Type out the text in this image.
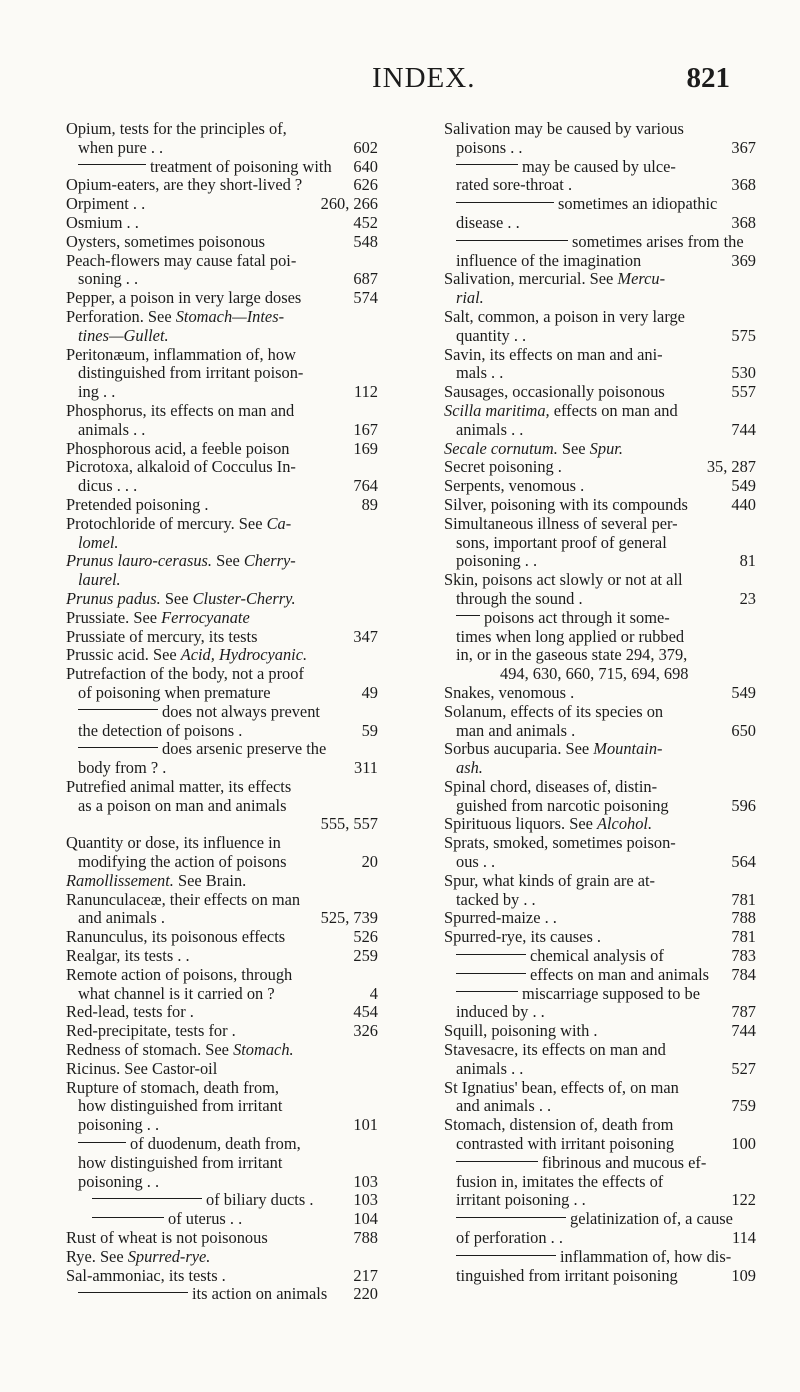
INDEX.	821
Opium, tests for the principles of,
when pure . .	602
treatment of poisoning with 640
Opium-eaters, are they short-lived ?	626
Orpiment . .	260, 266
Osmium . .	452
Oysters, sometimes poisonous	548
Peach-flowers may cause fatal poi-
soning . .	687
Pepper, a poison in very large doses	574
Perforation. See Stomach—Intes-
tines—Gullet.
Peritonæum, inflammation of, how
distinguished from irritant poison-
ing . .	112
Phosphorus, its effects on man and
animals . .	167
Phosphorous acid, a feeble poison	169
Picrotoxa, alkaloid of Cocculus In-
dicus . . .	764
Pretended poisoning .	89
Protochloride of mercury. See Ca-
lomel.
Prunus lauro-cerasus. See Cherry-
laurel.
Prunus padus. See Cluster-Cherry.
Prussiate. See Ferrocyanate
Prussiate of mercury, its tests	347
Prussic acid. See Acid, Hydrocyanic.
Putrefaction of the body, not a proof
of poisoning when premature	49
does not always prevent
the detection of poisons .	59
does arsenic preserve the
body from ? .	311
Putrefied animal matter, its effects
as a poison on man and animals
555, 557
Quantity or dose, its influence in
modifying the action of poisons	20
Ramollissement. See Brain.
Ranunculaceæ, their effects on man
and animals .	525, 739
Ranunculus, its poisonous effects	526
Realgar, its tests . .	259
Remote action of poisons, through
what channel is it carried on ?	4
Red-lead, tests for .	454
Red-precipitate, tests for .	326
Redness of stomach. See Stomach.
Ricinus. See Castor-oil
Rupture of stomach, death from,
how distinguished from irritant
poisoning . .	101
of duodenum, death from,
how distinguished from irritant
poisoning . .	103
of biliary ducts . 103
of uterus . .	104
Rust of wheat is not poisonous	788
Rye. See Spurred-rye.
Sal-ammoniac, its tests .	217
its action on animals 220
Salivation may be caused by various
poisons . .	367
may be caused by ulce-
rated sore-throat .	368
sometimes an idiopathic
disease . .	368
sometimes arises from the
influence of the imagination	369
Salivation, mercurial. See Mercu-
rial.
Salt, common, a poison in very large
quantity . .	575
Savin, its effects on man and ani-
mals . .	530
Sausages, occasionally poisonous	557
Scilla maritima, effects on man and
animals . .	744
Secale cornutum. See Spur.
Secret poisoning .	35, 287
Serpents, venomous .	549
Silver, poisoning with its compounds	440
Simultaneous illness of several per-
sons, important proof of general
poisoning . .	81
Skin, poisons act slowly or not at all
through the sound .	23
poisons act through it some-
times when long applied or rubbed
in, or in the gaseous state 294, 379,
494, 630, 660, 715, 694, 698
Snakes, venomous .	549
Solanum, effects of its species on
man and animals .	650
Sorbus aucuparia. See Mountain-
ash.
Spinal chord, diseases of, distin-
guished from narcotic poisoning	596
Spirituous liquors. See Alcohol.
Sprats, smoked, sometimes poison-
ous . .	564
Spur, what kinds of grain are at-
tacked by . .	781
Spurred-maize . .	788
Spurred-rye, its causes .	781
chemical analysis of	783
effects on man and animals 784
miscarriage supposed to be
induced by . .	787
Squill, poisoning with .	744
Stavesacre, its effects on man and
animals . .	527
St Ignatius' bean, effects of, on man
and animals . .	759
Stomach, distension of, death from
contrasted with irritant poisoning	100
fibrinous and mucous ef-
fusion in, imitates the effects of
irritant poisoning . .	122
gelatinization of, a cause
of perforation . .	114
inflammation of, how dis-
tinguished from irritant poisoning	109
